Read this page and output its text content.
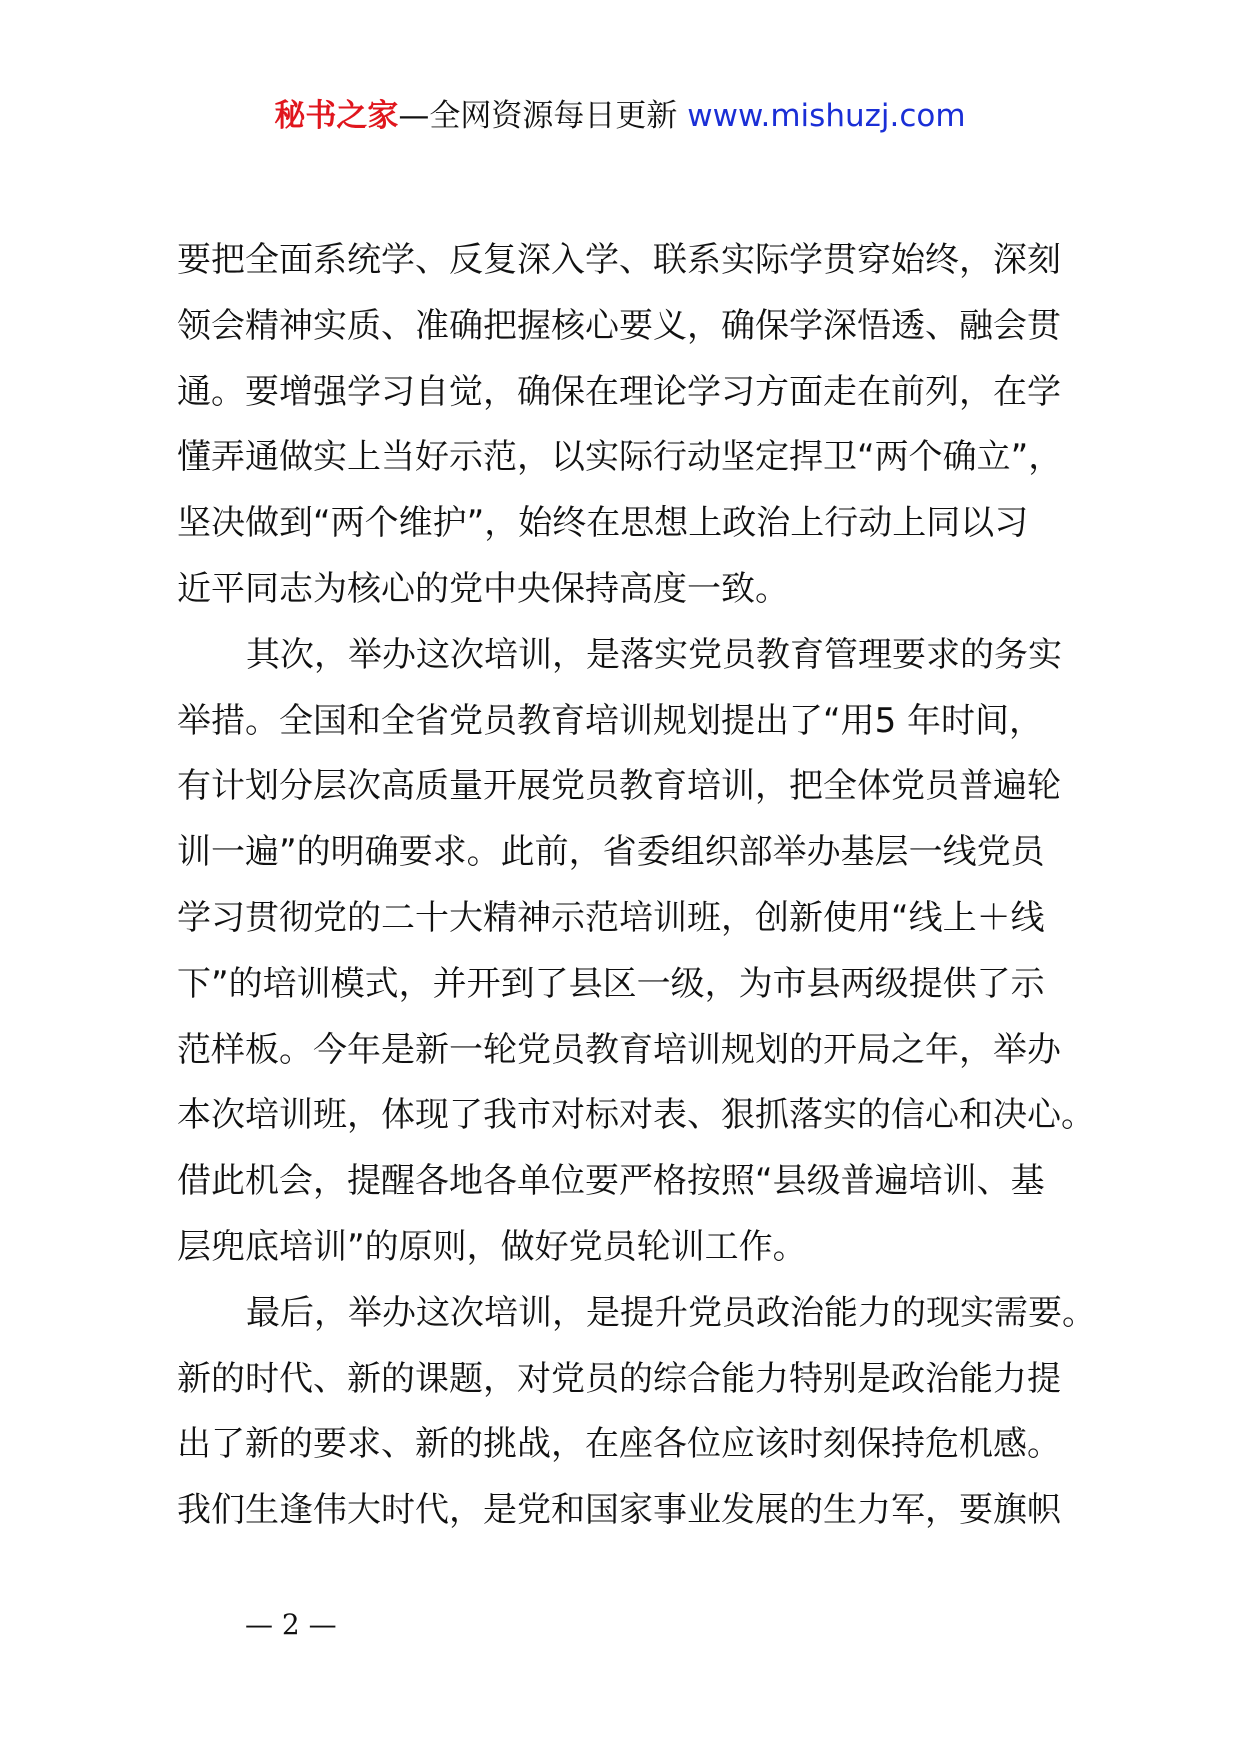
秘书之家—全网资源每日更新 www.mishuzj.com
要把全面系统学、反复深入学、联系实际学贯穿始终，深刻
领会精神实质、准确把握核心要义，确保学深悟透、融会贯
通。要增强学习自觉，确保在理论学习方面走在前列，在学
懂弄通做实上当好示范，以实际行动坚定捍卫“两个确立”，
坚决做到“两个维护”，始终在思想上政治上行动上同以习
近平同志为核心的党中央保持高度一致。
其次，举办这次培训，是落实党员教育管理要求的务实
举措。全国和全省党员教育培训规划提出了“用5 年时间，
有计划分层次高质量开展党员教育培训，把全体党员普遍轮
训一遍”的明确要求。此前，省委组织部举办基层一线党员
学习贯彻党的二十大精神示范培训班，创新使用“线上＋线
下”的培训模式，并开到了县区一级，为市县两级提供了示
范样板。今年是新一轮党员教育培训规划的开局之年，举办
本次培训班，体现了我市对标对表、狠抓落实的信心和决心。
借此机会，提醒各地各单位要严格按照“县级普遍培训、基
层兜底培训”的原则，做好党员轮训工作。
最后，举办这次培训，是提升党员政治能力的现实需要。
新的时代、新的课题，对党员的综合能力特别是政治能力提
出了新的要求、新的挑战，在座各位应该时刻保持危机感。
我们生逢伟大时代，是党和国家事业发展的生力军，要旗帜
— 2 —
